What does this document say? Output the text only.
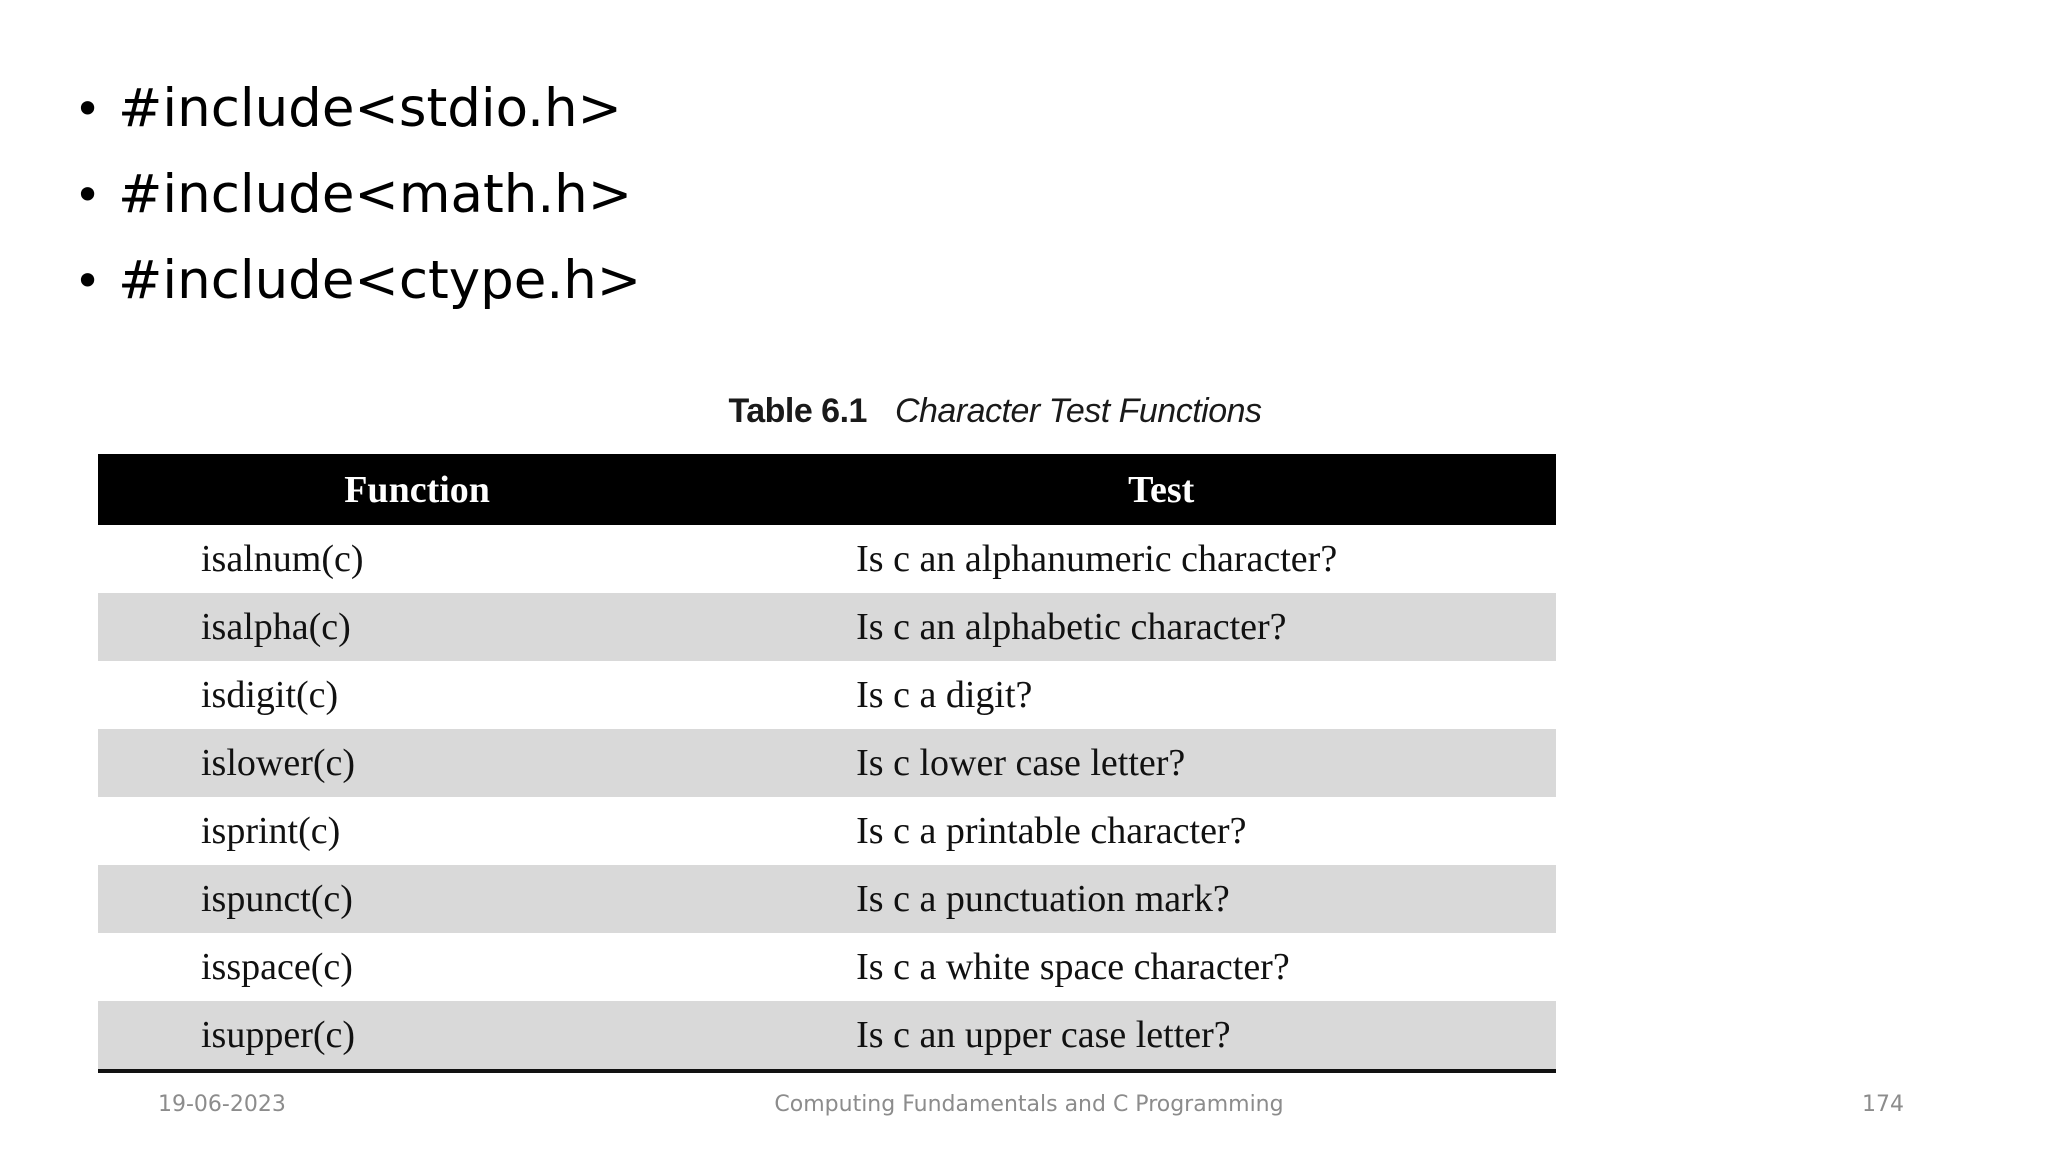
• #include<stdio.h>
• #include<math.h>
• #include<ctype.h>
Table 6.1 Character Test Functions
Function	Test
isalnum(c)	Is c an alphanumeric character?
isalpha(c)	Is c an alphabetic character?
isdigit(c)	Is c a digit?
islower(c)	Is c lower case letter?
isprint(c)	Is c a printable character?
ispunct(c)	Is c a punctuation mark?
isspace(c)	Is c a white space character?
isupper(c)	Is c an upper case letter?
19-06-2023	Computing Fundamentals and C Programming	174
